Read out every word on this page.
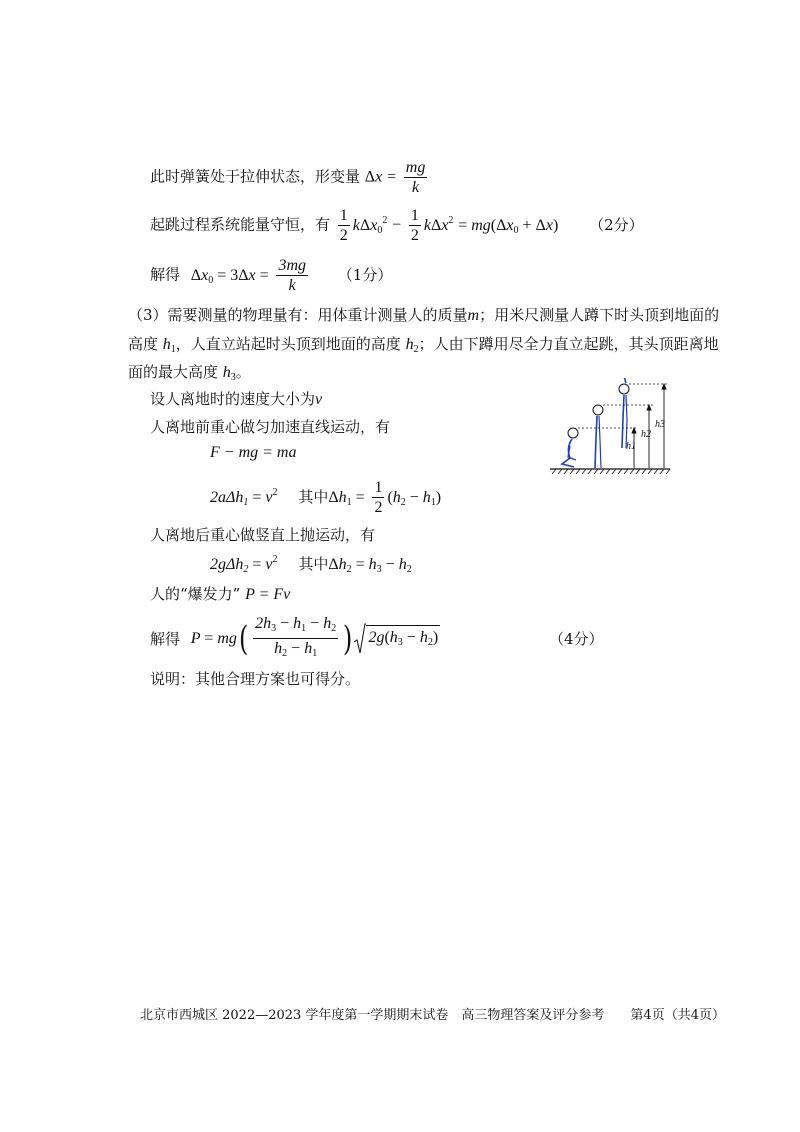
此时弹簧处于拉伸状态，形变量 $\Delta x = \frac{mg}{k}$
起跳过程系统能量守恒，有 $\frac{1}{2} k\Delta x_0^2 - \frac{1}{2} k\Delta x^2 = mg(\Delta x_0 + \Delta x)$ （2分）
解得 $\Delta x_0 = 3\Delta x = \frac{3mg}{k} (1$分）
（3）需要测量的物理量有：用体重计测量人的质量m；用米尺测量人蹲下时头顶到地面的
高度 $h_1$，人直立站起时头顶到地面的高度 $h_2$；人由下蹲用尽全力直立起跳，其头顶距离地
面的最大高度 $h_3$。
设人离地时的速度大小为v
人离地前重心做匀加速直线运动，有
F − mg = ma
$2a\Delta h1 = v^2$ 其中$\Delta h_1 = \frac{1}{2} (h_2 - h_1)$
人离地后重心做竖直上抛运动，有
$2g\Delta h2 = v^2$ 其中$\Delta h_2 = h_3 - h_2$
人的“爆发力” P = Fv
解得 $P = mg( \frac{2h_3 - h_1 - h_2}{h_2 - h_1}$ ) $2g(h_3 - h_2)$	（4分）
说明：其他合理方案也可得分。
h1
h2
h3
北京市西城区 2022—2023 学年度第一学期期末试卷　高三物理答案及评分参考　　第4页（共4页）
